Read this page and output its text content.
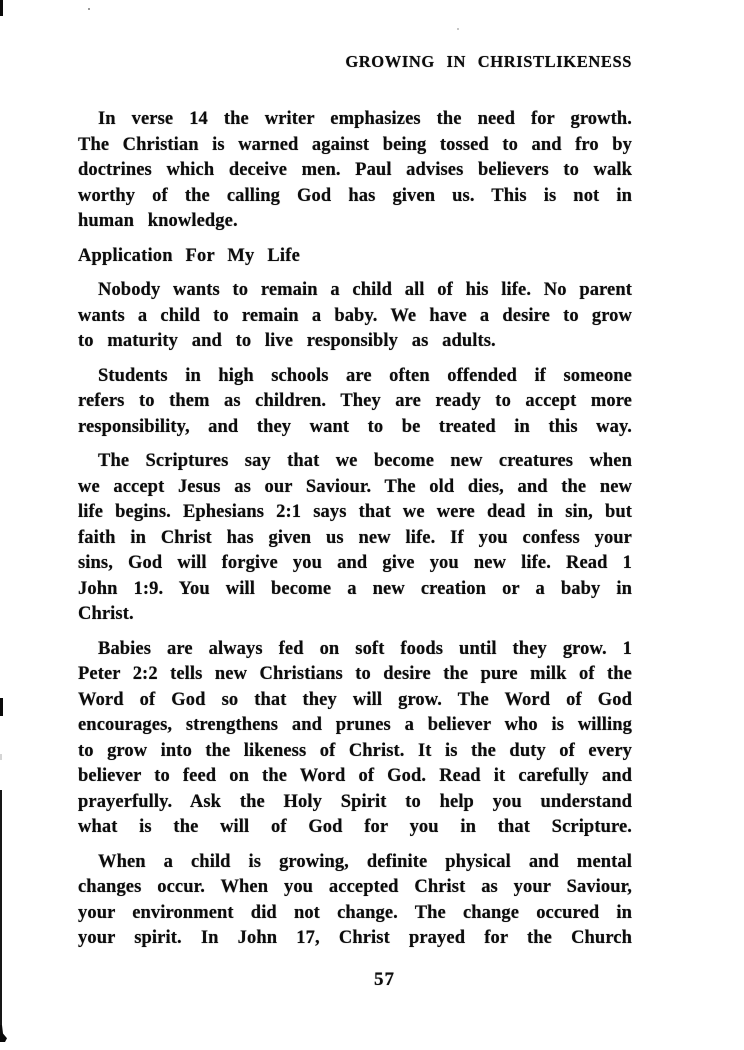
GROWING IN CHRISTLIKENESS
In verse 14 the writer emphasizes the need for growth.
The Christian is warned against being tossed to and fro by
doctrines which deceive men. Paul advises believers to walk
worthy of the calling God has given us. This is not in
human knowledge.
Application For My Life
Nobody wants to remain a child all of his life. No parent
wants a child to remain a baby. We have a desire to grow
to maturity and to live responsibly as adults.
Students in high schools are often offended if someone
refers to them as children. They are ready to accept more
responsibility, and they want to be treated in this way.
The Scriptures say that we become new creatures when
we accept Jesus as our Saviour. The old dies, and the new
life begins. Ephesians 2:1 says that we were dead in sin, but
faith in Christ has given us new life. If you confess your
sins, God will forgive you and give you new life. Read 1
John 1:9. You will become a new creation or a baby in
Christ.
Babies are always fed on soft foods until they grow. 1
Peter 2:2 tells new Christians to desire the pure milk of the
Word of God so that they will grow. The Word of God
encourages, strengthens and prunes a believer who is willing
to grow into the likeness of Christ. It is the duty of every
believer to feed on the Word of God. Read it carefully and
prayerfully. Ask the Holy Spirit to help you understand
what is the will of God for you in that Scripture.
When a child is growing, definite physical and mental
changes occur. When you accepted Christ as your Saviour,
your environment did not change. The change occured in
your spirit. In John 17, Christ prayed for the Church
57
